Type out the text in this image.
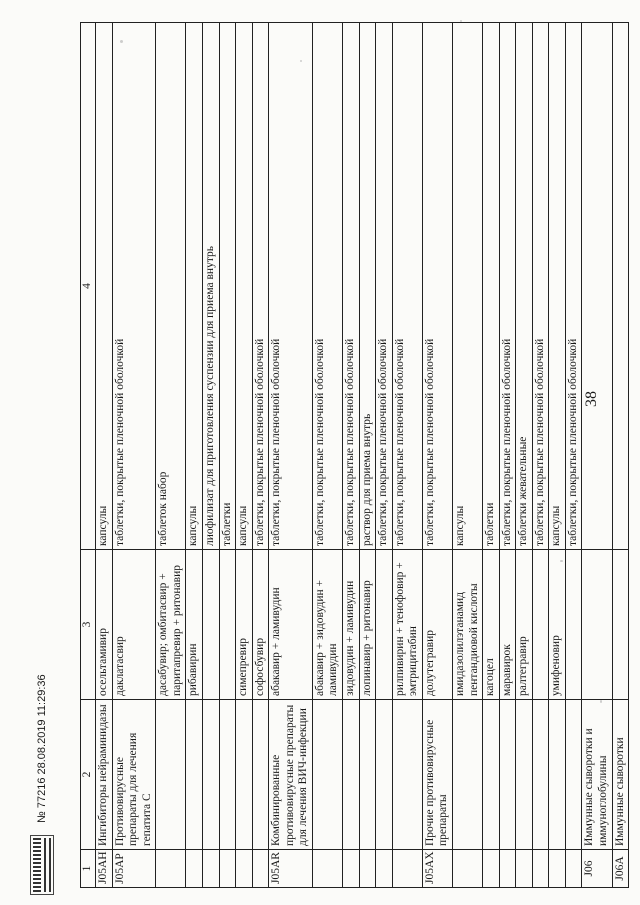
38
1	2	3	4
J05AH	Ингибиторы нейраминидазы	осельтамивир	капсулы
J05AP	Противовирусные препараты для лечения гепатита С	даклатасвир	таблетки, покрытые пленочной оболочкой
		дасабувир; омбитасвир + паритапревир + ритонавир	таблеток набор
		рибавирин	капсулы
			лиофилизат для приготовления суспензии для приема внутрь
			таблетки
		симепревир	капсулы
		софосбувир	таблетки, покрытые пленочной оболочкой
J05AR	Комбинированные противовирусные препараты для лечения ВИЧ-инфекции	абакавир + ламивудин	таблетки, покрытые пленочной оболочкой
		абакавир + зидовудин + ламивудин	таблетки, покрытые пленочной оболочкой
		зидовудин + ламивудин	таблетки, покрытые пленочной оболочкой
		лопинавир + ритонавир	раствор для приема внутрь
			таблетки, покрытые пленочной оболочкой
		рилпивирин + тенофовир + эмтрицитабин	таблетки, покрытые пленочной оболочкой
J05AX	Прочие противовирусные препараты	долутегравир	таблетки, покрытые пленочной оболочкой
		имидазолилэтанамид пентандиовой кислоты	капсулы
		кагоцел	таблетки
		маравирок	таблетки, покрытые пленочной оболочкой
		ралтегравир	таблетки жевательные
			таблетки, покрытые пленочной оболочкой
		умифеновир	капсулы
			таблетки, покрытые пленочной оболочкой
J06	Иммунные сыворотки и иммуноглобулины		
J06A	Иммунные сыворотки		
№ 77216 28.08.2019 11:29:36
